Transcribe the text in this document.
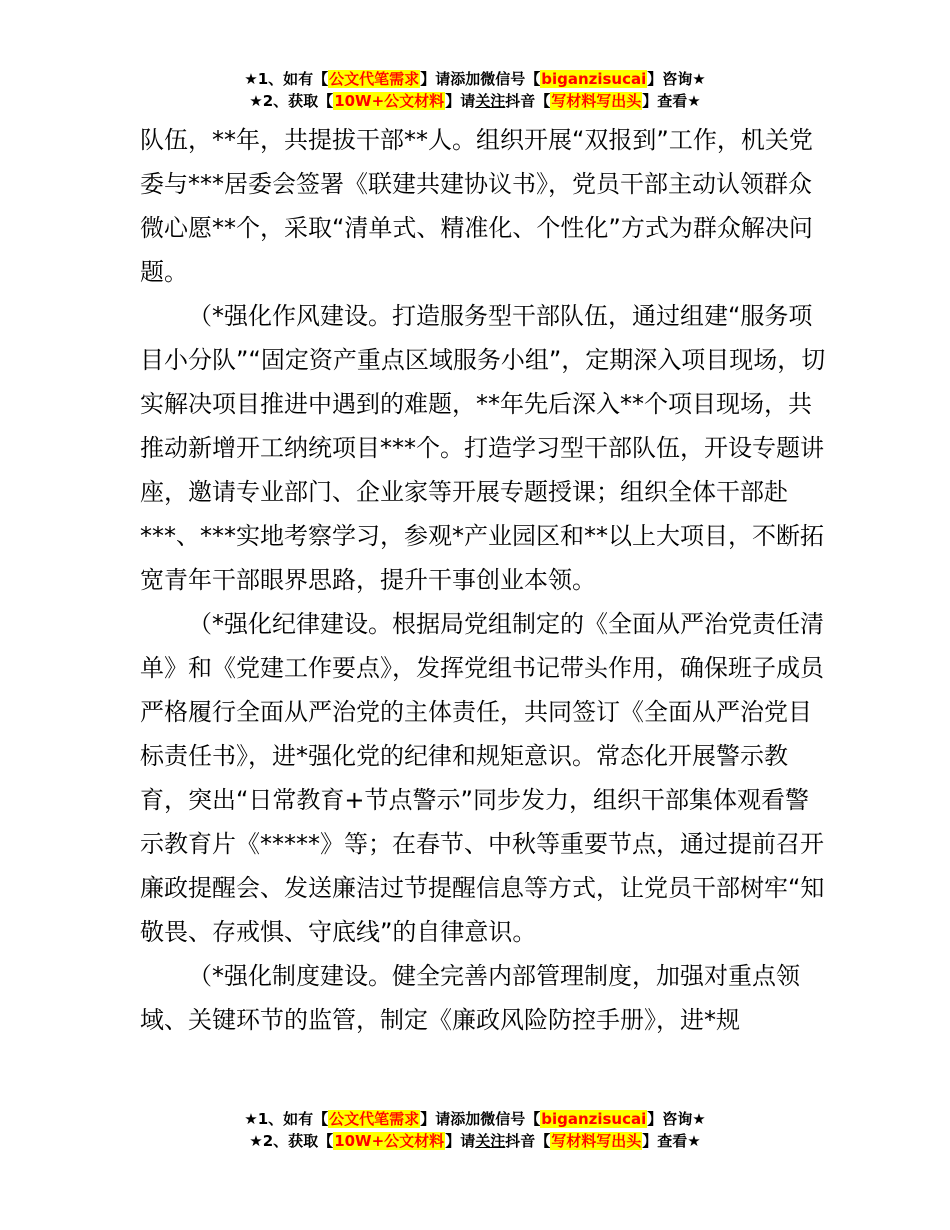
★1、如有【公文代笔需求】请添加微信号【biganzisucai】咨询★
★2、获取【10W+公文材料】请关注抖音【写材料写出头】查看★

队伍，**年，共提拔干部**人。组织开展“双报到”工作，机关党委与***居委会签署《联建共建协议书》，党员干部主动认领群众微心愿**个，采取“清单式、精准化、个性化”方式为群众解决问题。

（*强化作风建设。打造服务型干部队伍，通过组建“服务项目小分队”“固定资产重点区域服务小组”，定期深入项目现场，切实解决项目推进中遇到的难题，**年先后深入**个项目现场，共推动新增开工纳统项目***个。打造学习型干部队伍，开设专题讲座，邀请专业部门、企业家等开展专题授课；组织全体干部赴***、***实地考察学习，参观*产业园区和**以上大项目，不断拓宽青年干部眼界思路，提升干事创业本领。

（*强化纪律建设。根据局党组制定的《全面从严治党责任清单》和《党建工作要点》，发挥党组书记带头作用，确保班子成员严格履行全面从严治党的主体责任，共同签订《全面从严治党目标责任书》，进*强化党的纪律和规矩意识。常态化开展警示教育，突出“日常教育+节点警示”同步发力，组织干部集体观看警示教育片《*****》等；在春节、中秋等重要节点，通过提前召开廉政提醒会、发送廉洁过节提醒信息等方式，让党员干部树牢“知敬畏、存戒惧、守底线”的自律意识。

（*强化制度建设。健全完善内部管理制度，加强对重点领域、关键环节的监管，制定《廉政风险防控手册》，进*规

★1、如有【公文代笔需求】请添加微信号【biganzisucai】咨询★
★2、获取【10W+公文材料】请关注抖音【写材料写出头】查看★
